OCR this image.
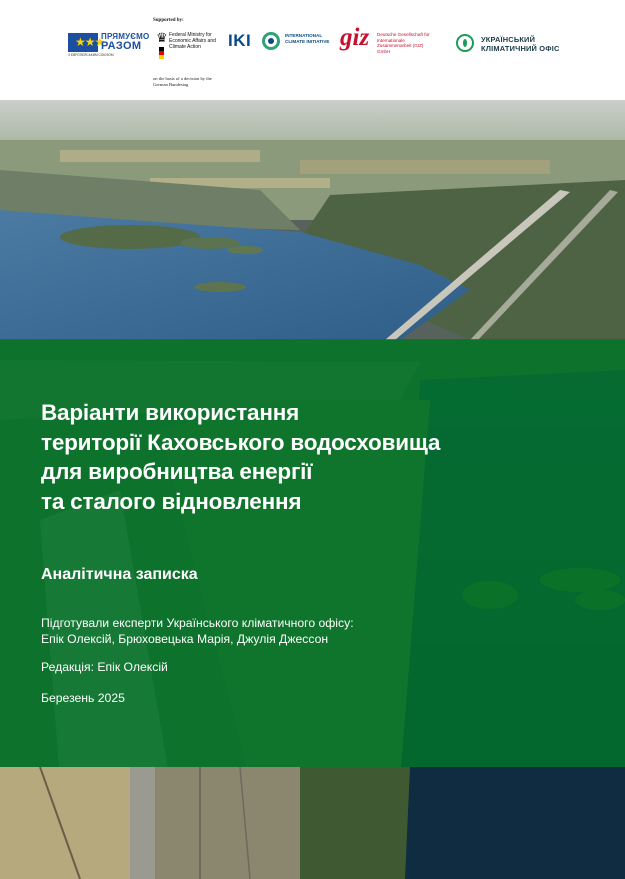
★★★
ПРЯМУЄМО
РАЗОМ
З ЄВРОПЕЙСЬКИМ СОЮЗОМ
Supported by:
♛ Federal Ministry for Economic Affairs and Climate Action
on the basis of a decision by the German Bundestag
IKI	INTERNATIONAL CLIMATE INITIATIVE giz Deutsche Gesellschaft für Internationale Zusammenarbeit (GIZ) GmbH
УКРАЇНСЬКИЙ КЛІМАТИЧНИЙ ОФІС
Варіанти використання
території Каховського водосховища
для виробництва енергії
та сталого відновлення
Аналітична записка
Підготували експерти Українського кліматичного офісу:
Епік Олексій, Брюховецька Марія, Джулія Джессон
Редакція: Епік Олексій
Березень 2025
